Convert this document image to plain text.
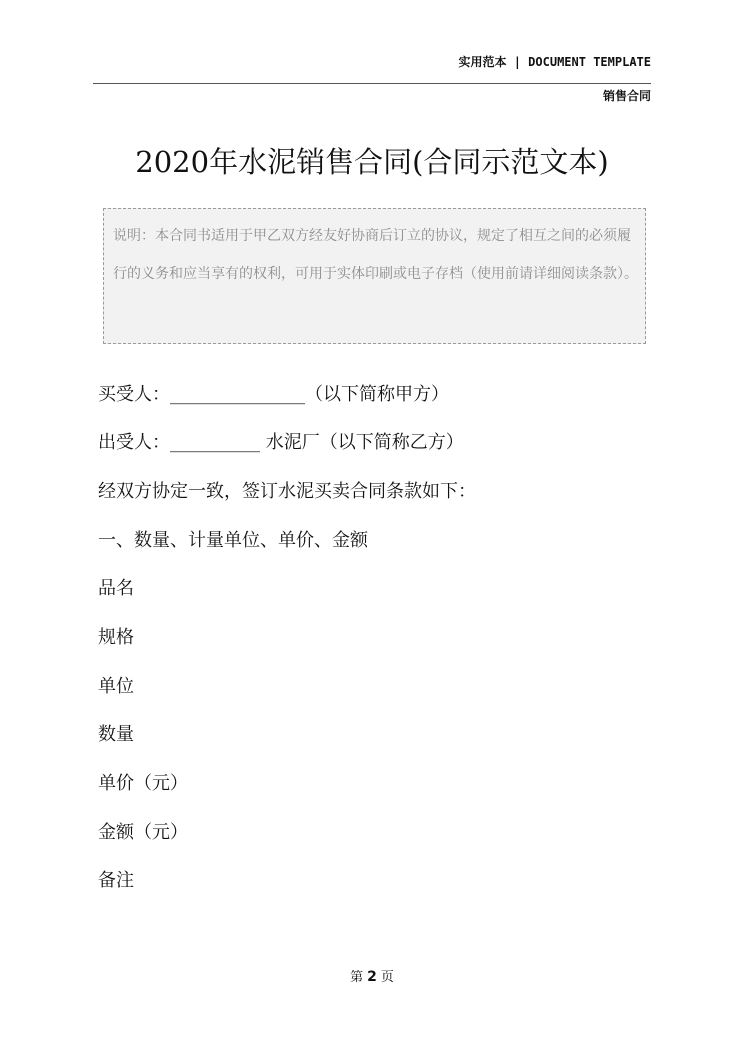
实用范本 | DOCUMENT TEMPLATE
销售合同
2020年水泥销售合同(合同示范文本)
说明：本合同书适用于甲乙双方经友好协商后订立的协议，规定了相互之间的必须履行的义务和应当享有的权利，可用于实体印刷或电子存档（使用前请详细阅读条款）。
买受人：_______________（以下简称甲方）
出受人：__________ 水泥厂（以下简称乙方）
经双方协定一致，签订水泥买卖合同条款如下：
一、数量、计量单位、单价、金额
品名
规格
单位
数量
单价（元）
金额（元）
备注
第 2 页
